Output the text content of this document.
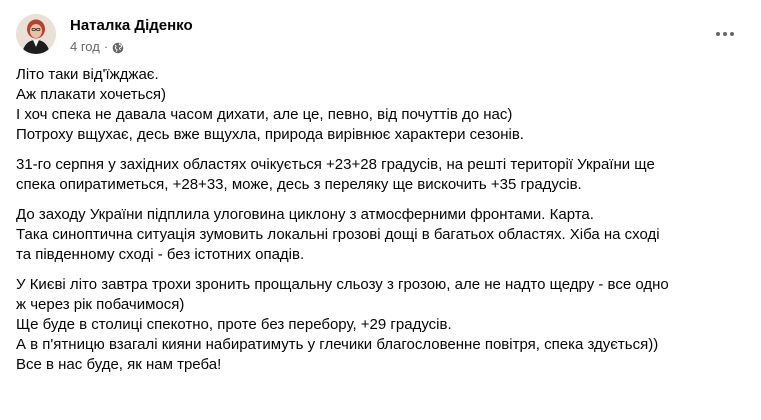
Наталка Діденко
4 год ·
Літо таки від'їжджає.
Аж плакати хочеться)
І хоч спека не давала часом дихати, але це, певно, від почуттів до нас)
Потроху вщухає, десь вже вщухла, природа вирівнює характери сезонів.
31-го серпня у західних областях очікується +23+28 градусів, на решті території України ще
спека опиратиметься, +28+33, може, десь з переляку ще вискочить +35 градусів.
До заходу України підплила улоговина циклону з атмосферними фронтами. Карта.
Така синоптична ситуація зумовить локальні грозові дощі в багатьох областях. Хіба на сході
та південному сході - без істотних опадів.
У Києві літо завтра трохи зронить прощальну сльозу з грозою, але не надто щедру - все одно
ж через рік побачимося)
Ще буде в столиці спекотно, проте без перебору, +29 градусів.
А в п'ятницю взагалі кияни набиратимуть у глечики благословенне повітря, спека здується))
Все в нас буде, як нам треба!
